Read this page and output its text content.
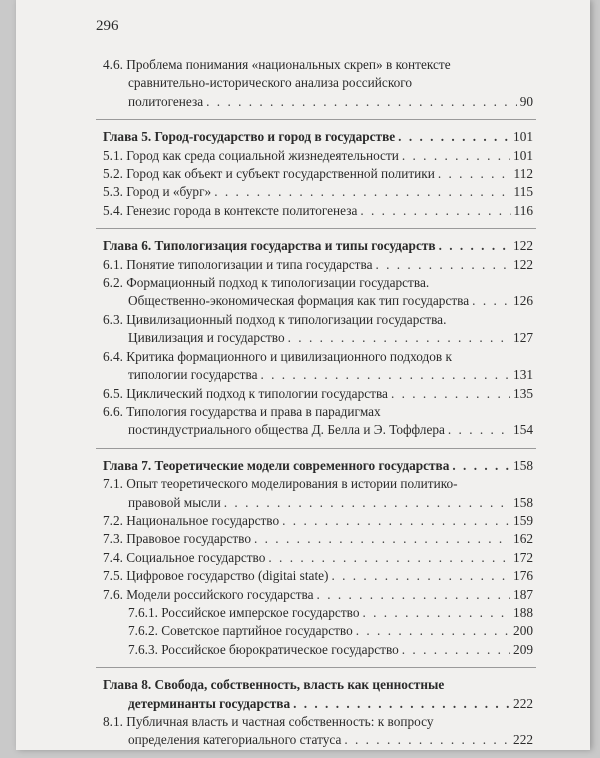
296
4.6. Проблема понимания «национальных скреп» в контексте
сравнительно-исторического анализа российского
политогенеза . . .	90
Глава 5. Город-государство и город в государстве . . .	101
5.1. Город как среда социальной жизнедеятельности . . .	101
5.2. Город как объект и субъект государственной политики . . .	112
5.3. Город и «бург» . . .	115
5.4. Генезис города в контексте политогенеза . . .	116
Глава 6. Типологизация государства и типы государств . . .	122
6.1. Понятие типологизации и типа государства . . .	122
6.2. Формационный подход к типологизации государства.
Общественно-экономическая формация как тип государства . . .	126
6.3. Цивилизационный подход к типологизации государства.
Цивилизация и государство . . .	127
6.4. Критика формационного и цивилизационного подходов к
типологии государства . . .	131
6.5. Циклический подход к типологии государства . . .	135
6.6. Типология государства и права в парадигмах
постиндустриального общества Д. Белла и Э. Тоффлера . . .	154
Глава 7. Теоретические модели современного государства . . .	158
7.1. Опыт теоретического моделирования в истории политико-
правовой мысли . . .	158
7.2. Национальное государство . . .	159
7.3. Правовое государство . . .	162
7.4. Социальное государство . . .	172
7.5. Цифровое государство (digitai state) . . .	176
7.6. Модели российского государства . . .	187
7.6.1. Российское имперское государство . . .	188
7.6.2. Советское партийное государство . . .	200
7.6.3. Российское бюрократическое государство . . .	209
Глава 8. Свобода, собственность, власть как ценностные
детерминанты государства . . .	222
8.1. Публичная власть и частная собственность: к вопросу
определения категориального статуса . . .	222
